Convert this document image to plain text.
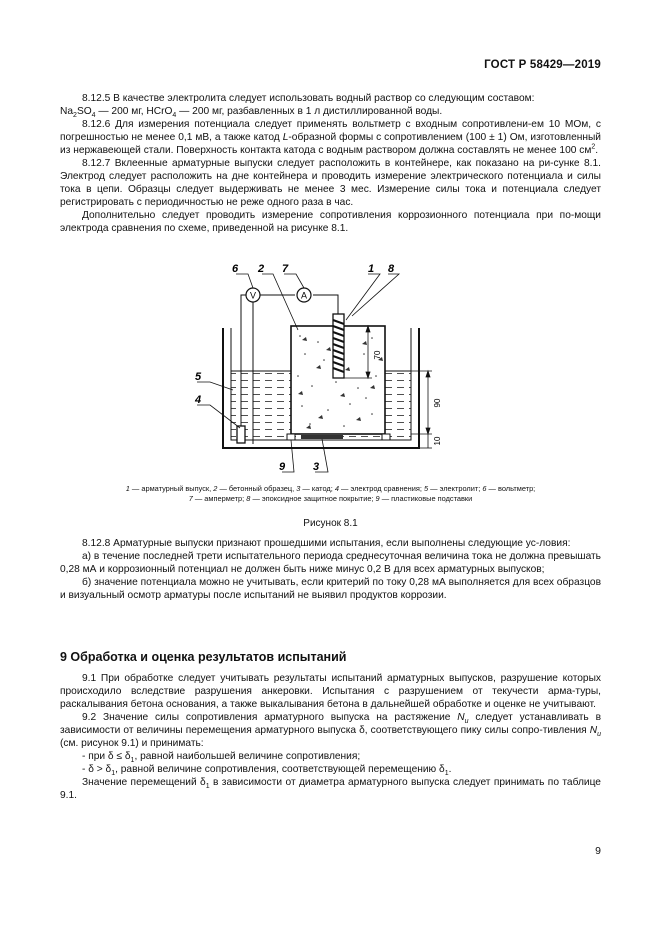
ГОСТ Р 58429—2019

8.12.5 В качестве электролита следует использовать водный раствор со следующим составом:

$Na_2SO_4$ — 200 мг, HCrO$_4$ — 200 мг, разбавленных в 1 л дистиллированной воды.

8.12.6 Для измерения потенциала следует применять вольтметр с входным сопротивлени-ем 10 МОм, с погрешностью не менее 0,1 мВ, а также катод L-образной формы с сопротивлением (100 ± 1) Ом, изготовленный из нержавеющей стали. Поверхность контакта катода с водным раствором должна составлять не менее 100 $см^2$.

8.12.7 Вклеенные арматурные выпуски следует расположить в контейнере, как показано на ри-сунке 8.1. Электрод следует расположить на дне контейнера и проводить измерение электрического потенциала и силы тока в цепи. Образцы следует выдерживать не менее 3 мес. Измерение силы тока и потенциала следует регистрировать с периодичностью не реже одного раза в час.

Дополнительно следует проводить измерение сопротивления коррозионного потенциала при по-мощи электрода сравнения по схеме, приведенной на рисунке 8.1.

V	A
70
90
10
6 2 7	1 8
5
4
9	3
1 — арматурный выпуск, 2 — бетонный образец, 3 — катод; 4 — электрод сравнения; 5 — электролит; 6 — вольтметр;
7 — амперметр; 8 — эпоксидное защитное покрытие; 9 — пластиковые подставки
Рисунок 8.1

8.12.8 Арматурные выпуски признают прошедшими испытания, если выполнены следующие ус-ловия:

а) в течение последней трети испытательного периода среднесуточная величина тока не должна превышать 0,28 мА и коррозионный потенциал не должен быть ниже минус 0,2 В для всех арматурных выпусков;

б) значение потенциала можно не учитывать, если критерий по току 0,28 мА выполняется для всех образцов и визуальный осмотр арматуры после испытаний не выявил продуктов коррозии.

9 Обработка и оценка результатов испытаний

9.1 При обработке следует учитывать результаты испытаний арматурных выпусков, разрушение которых происходило вследствие разрушения анкеровки. Испытания с разрушением от текучести арма-туры, раскалывания бетона основания, а также выкалывания бетона в дальнейшей обработке и оценке не учитывают.

9.2 Значение силы сопротивления арматурного выпуска на растяжение $N_u$ следует устанавливать в зависимости от величины перемещения арматурного выпуска δ, соответствующего пику силы сопро-тивления $N_u$ (см. рисунок 9.1) и принимать:

- при $\delta \le \delta_1$, равной наибольшей величине сопротивления;

- $\delta > \delta_1$, равной величине сопротивления, соответствующей перемещению $\delta_1$.

Значение перемещений $\delta_1$ в зависимости от диаметра арматурного выпуска следует принимать по таблице 9.1.

9
